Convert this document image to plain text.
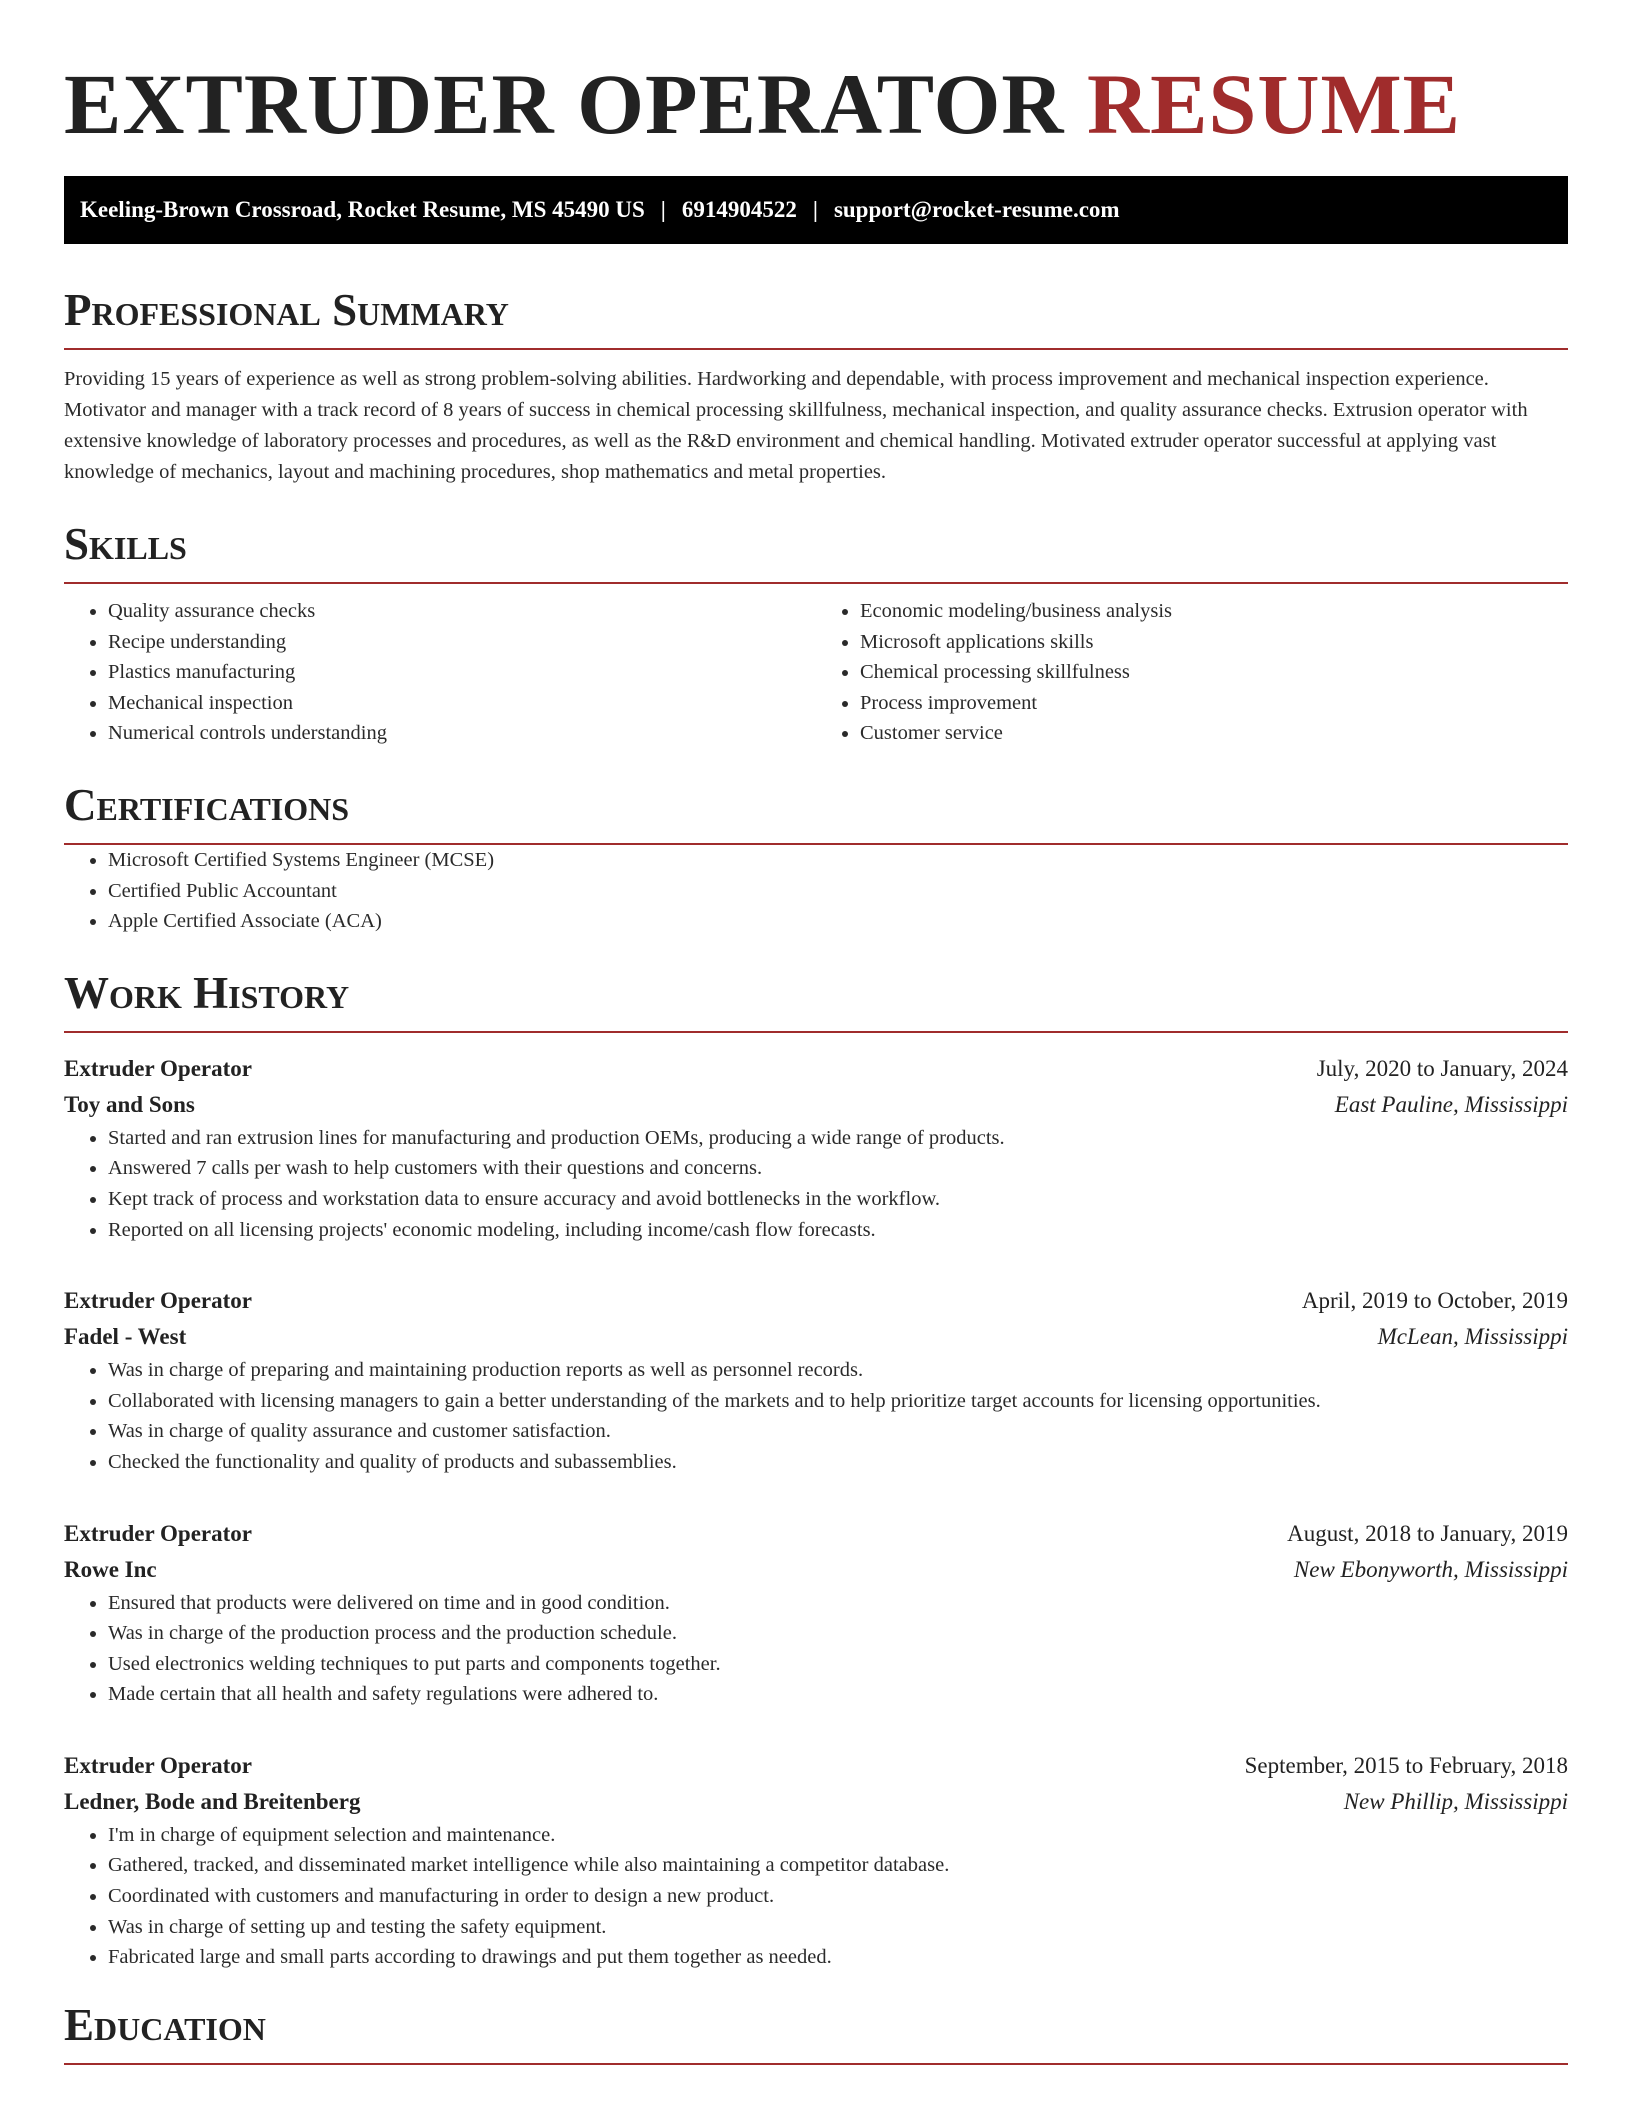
EXTRUDER OPERATOR RESUME
Keeling-Brown Crossroad, Rocket Resume, MS 45490 US | 6914904522 | support@rocket-resume.com
Professional Summary

Providing 15 years of experience as well as strong problem-solving abilities. Hardworking and dependable, with process improvement and mechanical inspection experience. Motivator and manager with a track record of 8 years of success in chemical processing skillfulness, mechanical inspection, and quality assurance checks. Extrusion operator with extensive knowledge of laboratory processes and procedures, as well as the R&D environment and chemical handling. Motivated extruder operator successful at applying vast knowledge of mechanics, layout and machining procedures, shop mathematics and metal properties.

Skills
• Quality assurance checks
• Recipe understanding
• Plastics manufacturing
• Mechanical inspection
• Numerical controls understanding
• Economic modeling/business analysis
• Microsoft applications skills
• Chemical processing skillfulness
• Process improvement
• Customer service
Certifications
• Microsoft Certified Systems Engineer (MCSE)
• Certified Public Accountant
• Apple Certified Associate (ACA)
Work History
Extruder Operator	July, 2020 to January, 2024
Toy and Sons	East Pauline, Mississippi
• Started and ran extrusion lines for manufacturing and production OEMs, producing a wide range of products.
• Answered 7 calls per wash to help customers with their questions and concerns.
• Kept track of process and workstation data to ensure accuracy and avoid bottlenecks in the workflow.
• Reported on all licensing projects' economic modeling, including income/cash flow forecasts.
Extruder Operator	April, 2019 to October, 2019
Fadel - West	McLean, Mississippi
• Was in charge of preparing and maintaining production reports as well as personnel records.
• Collaborated with licensing managers to gain a better understanding of the markets and to help prioritize target accounts for licensing opportunities.
• Was in charge of quality assurance and customer satisfaction.
• Checked the functionality and quality of products and subassemblies.
Extruder Operator	August, 2018 to January, 2019
Rowe Inc	New Ebonyworth, Mississippi
• Ensured that products were delivered on time and in good condition.
• Was in charge of the production process and the production schedule.
• Used electronics welding techniques to put parts and components together.
• Made certain that all health and safety regulations were adhered to.
Extruder Operator	September, 2015 to February, 2018
Ledner, Bode and Breitenberg	New Phillip, Mississippi
• I'm in charge of equipment selection and maintenance.
• Gathered, tracked, and disseminated market intelligence while also maintaining a competitor database.
• Coordinated with customers and manufacturing in order to design a new product.
• Was in charge of setting up and testing the safety equipment.
• Fabricated large and small parts according to drawings and put them together as needed.
Education
